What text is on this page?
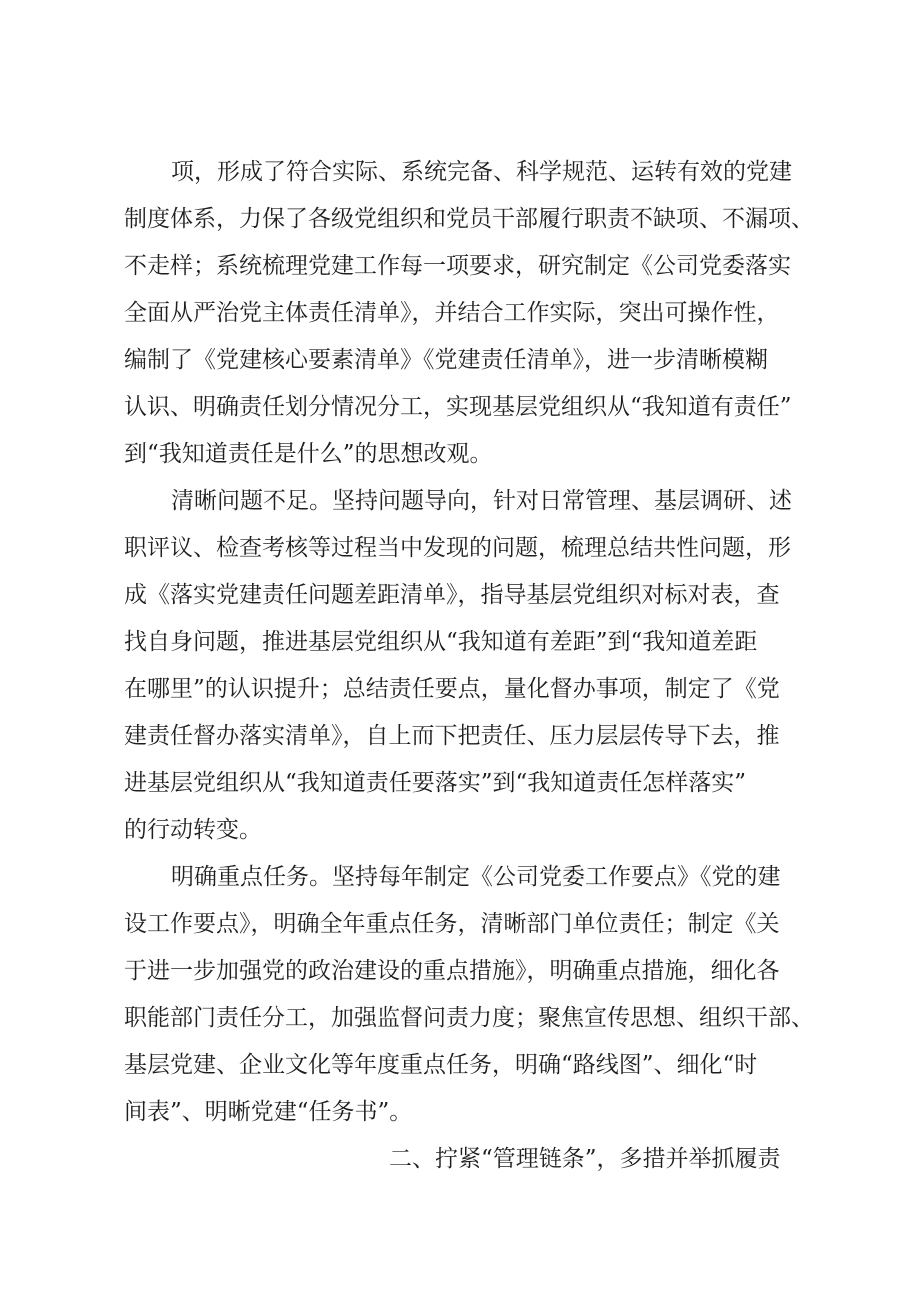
项，形成了符合实际、系统完备、科学规范、运转有效的党建
制度体系，力保了各级党组织和党员干部履行职责不缺项、不漏项、
不走样；系统梳理党建工作每一项要求，研究制定《公司党委落实
全面从严治党主体责任清单》，并结合工作实际，突出可操作性，
编制了《党建核心要素清单》《党建责任清单》，进一步清晰模糊
认识、明确责任划分情况分工，实现基层党组织从“我知道有责任”
到“我知道责任是什么”的思想改观。
清晰问题不足。坚持问题导向，针对日常管理、基层调研、述
职评议、检查考核等过程当中发现的问题，梳理总结共性问题，形
成《落实党建责任问题差距清单》，指导基层党组织对标对表，查
找自身问题，推进基层党组织从“我知道有差距”到“我知道差距
在哪里”的认识提升；总结责任要点，量化督办事项，制定了《党
建责任督办落实清单》，自上而下把责任、压力层层传导下去，推
进基层党组织从“我知道责任要落实”到“我知道责任怎样落实”
的行动转变。
明确重点任务。坚持每年制定《公司党委工作要点》《党的建
设工作要点》，明确全年重点任务，清晰部门单位责任；制定《关
于进一步加强党的政治建设的重点措施》，明确重点措施，细化各
职能部门责任分工，加强监督问责力度；聚焦宣传思想、组织干部、
基层党建、企业文化等年度重点任务，明确“路线图”、细化“时
间表”、明晰党建“任务书”。
二、拧紧“管理链条”，多措并举抓履责
